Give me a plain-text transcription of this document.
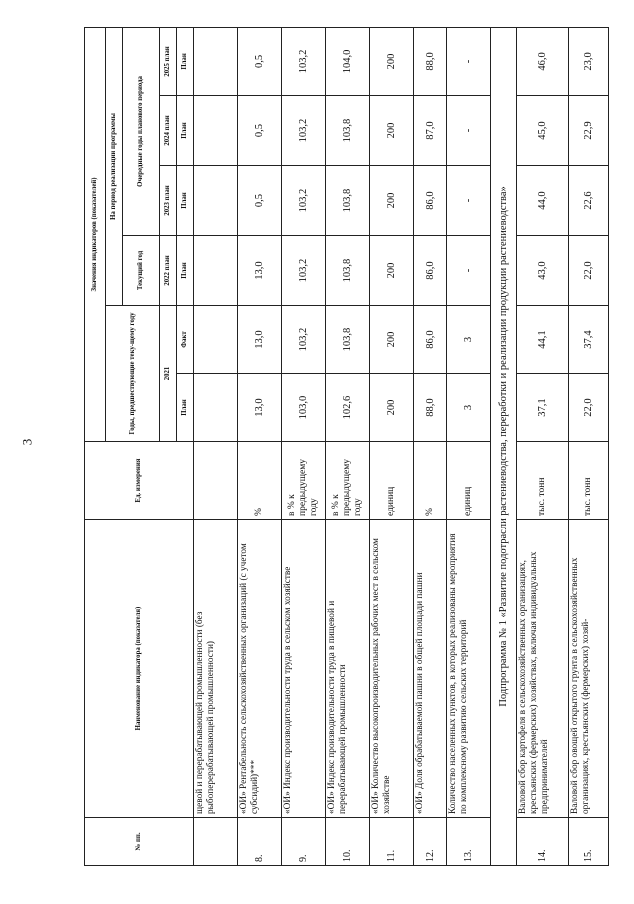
3
№ пп.	Наименование индикатора (показателя)	Ед. измерения	Значения индикаторов (показателей)					
			Годы, предшествующие теку-щему году		На период реализации программы			
					Текущий год	Очередные годы планового периода		
			2021		2022 план	2023 план	2024 план	2025 план
			План	Факт	План	План	План	План
	щевой и перерабатывающей промышленности (без рыбоперерабатывающей промышленности)							
8.	«ОИ» Рентабельность сельскохозяйственных организаций (с учетом субсидий)***	%	13,0	13,0	13,0	0,5	0,5	0,5
9.	«ОИ» Индекс производительности труда в сельском хозяйстве	в % к предыдущему году	103,0	103,2	103,2	103,2	103,2	103,2
10.	«ОИ» Индекс производительности труда в пищевой и перерабатывающей промышленности	в % к предыдущему году	102,6	103,8	103,8	103,8	103,8	104,0
11.	«ОИ» Количество высокопроизводительных рабочих мест в сельском хозяйстве	единиц	200	200	200	200	200	200
12.	«ОИ» Доля обрабатываемой пашни в общей площади пашни	%	88,0	86,0	86,0	86,0	87,0	88,0
13.	Количество населенных пунктов, в которых реализованы мероприятия по комплексному развитию сельских территорий	единиц	3	3	-	-	-	-
Подпрограмма № 1 «Развитие подотрасли растениеводства, переработки и реализации продукции растениеводства»								
14.	Валовой сбор картофеля в сельскохозяйственных организациях, крестьянских (фермерских) хозяйствах, включая индивидуальных предпринимателей	тыс. тонн	37,1	44,1	43,0	44,0	45,0	46,0
15.	Валовой сбор овощей открытого грунта в сельскохозяйственных организациях, крестьянских (фермерских) хозяй-	тыс. тонн	22,0	37,4	22,0	22,6	22,9	23,0
